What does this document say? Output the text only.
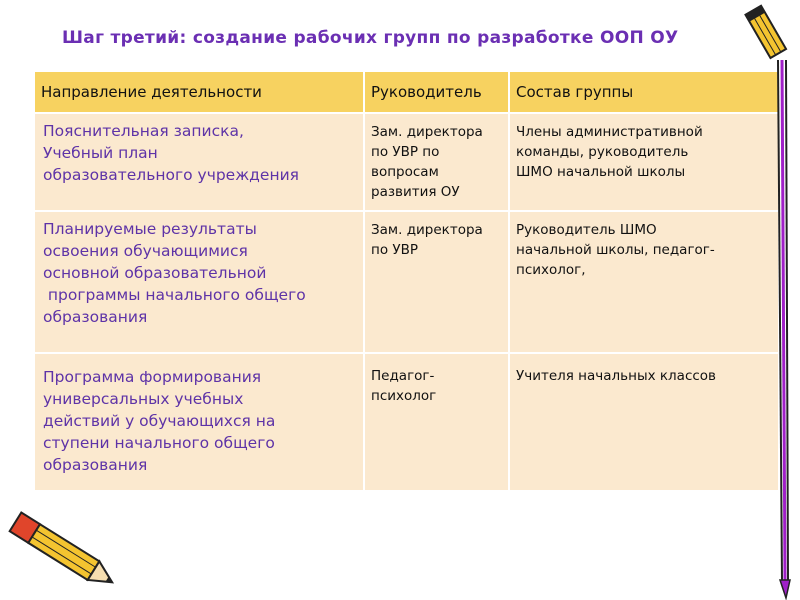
Шаг третий: создание рабочих групп по разработке ООП ОУ
Направление деятельности	Руководитель	Состав группы

Пояснительная записка,
Учебный план
образовательного учреждения	Зам. директора
по УВР по
вопросам
развития ОУ	Члены административной
команды, руководитель
ШМО начальной школы

Планируемые результаты
освоения обучающимися
основной образовательной
программы начального общего
образования	Зам. директора
по УВР	Руководитель ШМО
начальной школы, педагог-
психолог,

Программа формирования
универсальных учебных
действий у обучающихся на
ступени начального общего
образования	Педагог-
психолог	Учителя начальных классов
